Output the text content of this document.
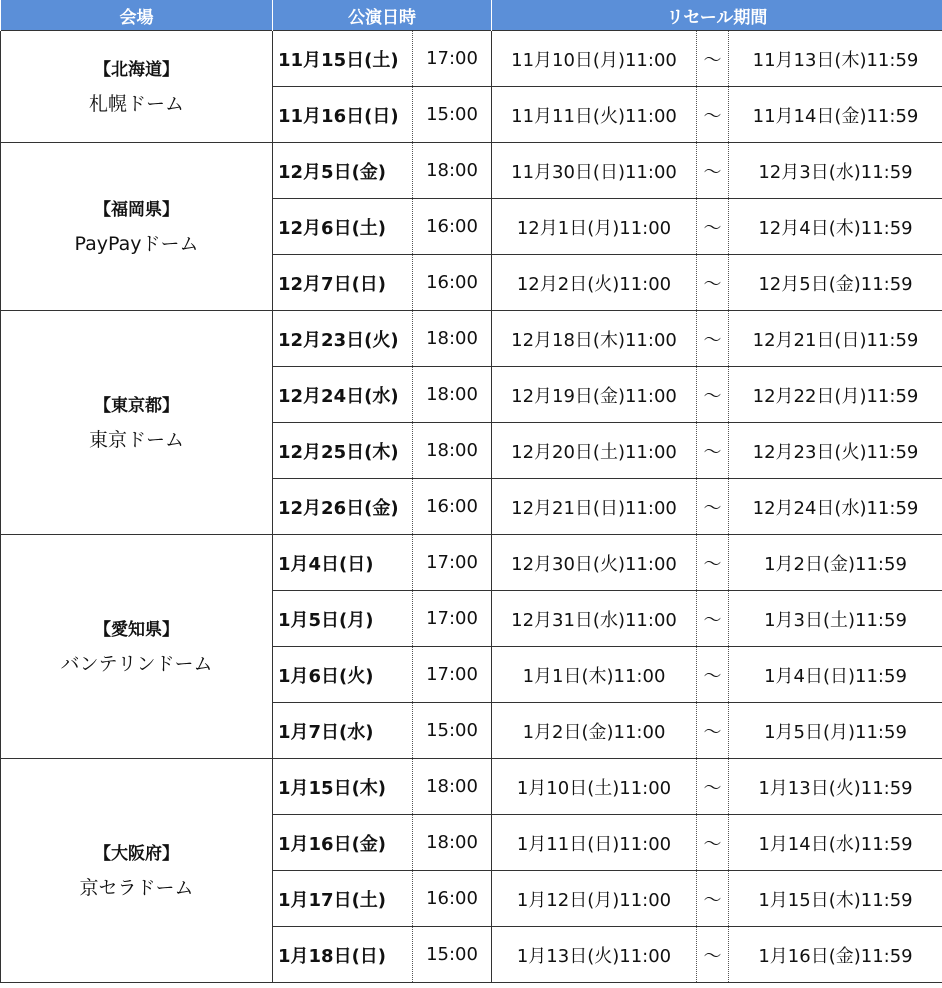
会場	公演日時		リセール期間		

【北海道】
札幌ドーム	11月15日(土)	17:00	11月10日(月)11:00	～	11月13日(木)11:59
	11月16日(日)	15:00	11月11日(火)11:00	～	11月14日(金)11:59

【福岡県】
PayPayドーム	12月5日(金)	18:00	11月30日(日)11:00	～	12月3日(水)11:59
	12月6日(土)	16:00	12月1日(月)11:00	～	12月4日(木)11:59
	12月7日(日)	16:00	12月2日(火)11:00	～	12月5日(金)11:59

【東京都】
東京ドーム	12月23日(火)	18:00	12月18日(木)11:00	～	12月21日(日)11:59
	12月24日(水)	18:00	12月19日(金)11:00	～	12月22日(月)11:59
	12月25日(木)	18:00	12月20日(土)11:00	～	12月23日(火)11:59
	12月26日(金)	16:00	12月21日(日)11:00	～	12月24日(水)11:59

【愛知県】
バンテリンドーム	1月4日(日)	17:00	12月30日(火)11:00	～	1月2日(金)11:59
	1月5日(月)	17:00	12月31日(水)11:00	～	1月3日(土)11:59
	1月6日(火)	17:00	1月1日(木)11:00	～	1月4日(日)11:59
	1月7日(水)	15:00	1月2日(金)11:00	～	1月5日(月)11:59

【大阪府】
京セラドーム	1月15日(木)	18:00	1月10日(土)11:00	～	1月13日(火)11:59
	1月16日(金)	18:00	1月11日(日)11:00	～	1月14日(水)11:59
	1月17日(土)	16:00	1月12日(月)11:00	～	1月15日(木)11:59
	1月18日(日)	15:00	1月13日(火)11:00	～	1月16日(金)11:59
